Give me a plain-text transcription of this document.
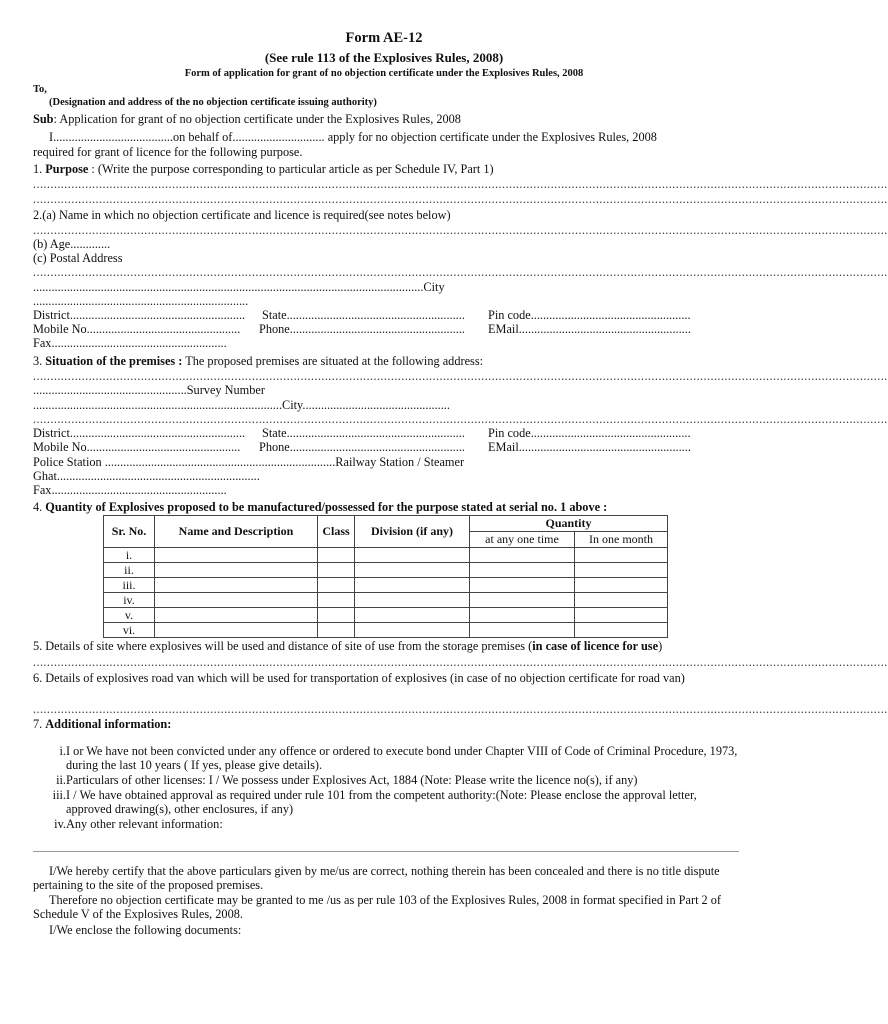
Form AE-12
(See rule 113 of the Explosives Rules, 2008)
Form of application for grant of no objection certificate under the Explosives Rules, 2008
To,
(Designation and address of the no objection certificate issuing authority)
Sub: Application for grant of no objection certificate under the Explosives Rules, 2008
I.......................................on behalf of.............................. apply for no objection certificate under the Explosives Rules, 2008
required for grant of licence for the following purpose.
1. Purpose : (Write the purpose corresponding to particular article as per Schedule IV, Part 1)
......................................................................................................................................................................................................................................................
......................................................................................................................................................................................................................................................
2.(a) Name in which no objection certificate and licence is required(see notes below)
......................................................................................................................................................................................................................................................
(b) Age.............
(c) Postal Address
......................................................................................................................................................................................................................................................
...............................................................................................................................City
......................................................................
District......................................................... State.......................................................... Pin code....................................................
Mobile No.................................................. Phone......................................................... EMail........................................................
Fax.........................................................
3. Situation of the premises : The proposed premises are situated at the following address:
......................................................................................................................................................................................................................................................
..................................................Survey Number
.................................................................................City................................................
......................................................................................................................................................................................................................................................
District......................................................... State.......................................................... Pin code....................................................
Mobile No.................................................. Phone......................................................... EMail........................................................
Police Station ...........................................................................Railway Station / Steamer
Ghat..................................................................
Fax.........................................................
4. Quantity of Explosives proposed to be manufactured/possessed for the purpose stated at serial no. 1 above :
Sr. No.	Name and Description	Class	Division (if any)	Quantity	
				at any one time	In one month
i.					
ii.					
iii.					
iv.					
v.					
vi.					
5. Details of site where explosives will be used and distance of site of use from the storage premises (in case of licence for use)
......................................................................................................................................................................................................................................................
6. Details of explosives road van which will be used for transportation of explosives (in case of no objection certificate for road van)
......................................................................................................................................................................................................................................................
7. Additional information:
i. I or We have not been convicted under any offence or ordered to execute bond under Chapter VIII of Code of Criminal Procedure, 1973, during the last 10 years ( If yes, please give details).
ii. Particulars of other licenses: I / We possess under Explosives Act, 1884 (Note: Please write the licence no(s), if any)
iii. I / We have obtained approval as required under rule 101 from the competent authority:(Note: Please enclose the approval letter, approved drawing(s), other enclosures, if any)
iv. Any other relevant information:
I/We hereby certify that the above particulars given by me/us are correct, nothing therein has been concealed and there is no title dispute pertaining to the site of the proposed premises.
Therefore no objection certificate may be granted to me /us as per rule 103 of the Explosives Rules, 2008 in format specified in Part 2 of Schedule V of the Explosives Rules, 2008.
I/We enclose the following documents:
